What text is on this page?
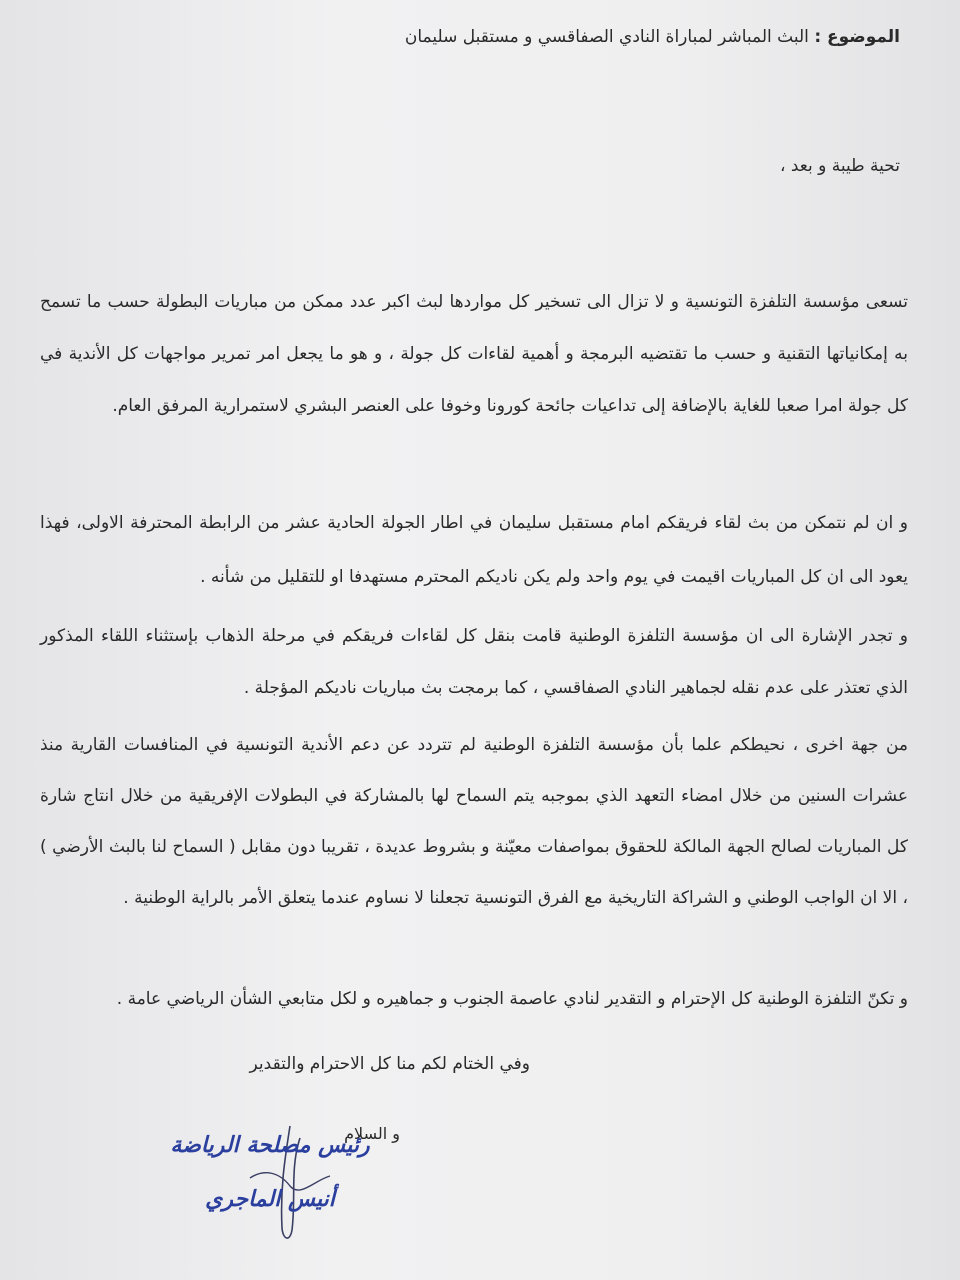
الموضوع : البث المباشر لمباراة النادي الصفاقسي و مستقبل سليمان
تحية طيبة و بعد ،
تسعى مؤسسة التلفزة التونسية و لا تزال الى تسخير كل مواردها لبث اكبر عدد ممكن من مباريات البطولة حسب ما تسمح به إمكانياتها التقنية و حسب ما تقتضيه البرمجة و أهمية لقاءات كل جولة ، و هو ما يجعل امر تمرير مواجهات كل الأندية في كل جولة امرا صعبا للغاية بالإضافة إلى تداعيات جائحة كورونا وخوفا على العنصر البشري لاستمرارية المرفق العام.
و ان لم نتمكن من بث لقاء فريقكم امام مستقبل سليمان في اطار الجولة الحادية عشر من الرابطة المحترفة الاولى، فهذا يعود الى ان كل المباريات اقيمت في يوم واحد ولم يكن ناديكم المحترم مستهدفا او للتقليل من شأنه .
و تجدر الإشارة الى ان مؤسسة التلفزة الوطنية قامت بنقل كل لقاءات فريقكم في مرحلة الذهاب بإستثناء اللقاء المذكور الذي تعتذر على عدم نقله لجماهير النادي الصفاقسي ، كما برمجت بث مباريات ناديكم المؤجلة .
من جهة اخرى ، نحيطكم علما بأن مؤسسة التلفزة الوطنية لم تتردد عن دعم الأندية التونسية في المنافسات القارية منذ عشرات السنين من خلال امضاء التعهد الذي بموجبه يتم السماح لها بالمشاركة في البطولات الإفريقية من خلال انتاج شارة كل المباريات لصالح الجهة المالكة للحقوق بمواصفات معيّنة و بشروط عديدة ، تقريبا دون مقابل ( السماح لنا بالبث الأرضي ) ، الا ان الواجب الوطني و الشراكة التاريخية مع الفرق التونسية تجعلنا لا نساوم عندما يتعلق الأمر بالراية الوطنية .
و تكنّ التلفزة الوطنية كل الإحترام و التقدير لنادي عاصمة الجنوب و جماهيره و لكل متابعي الشأن الرياضي عامة .
وفي الختام لكم منا كل الاحترام والتقدير
و السلام
رئيس مصلحة الرياضة
أنيس الماجري
